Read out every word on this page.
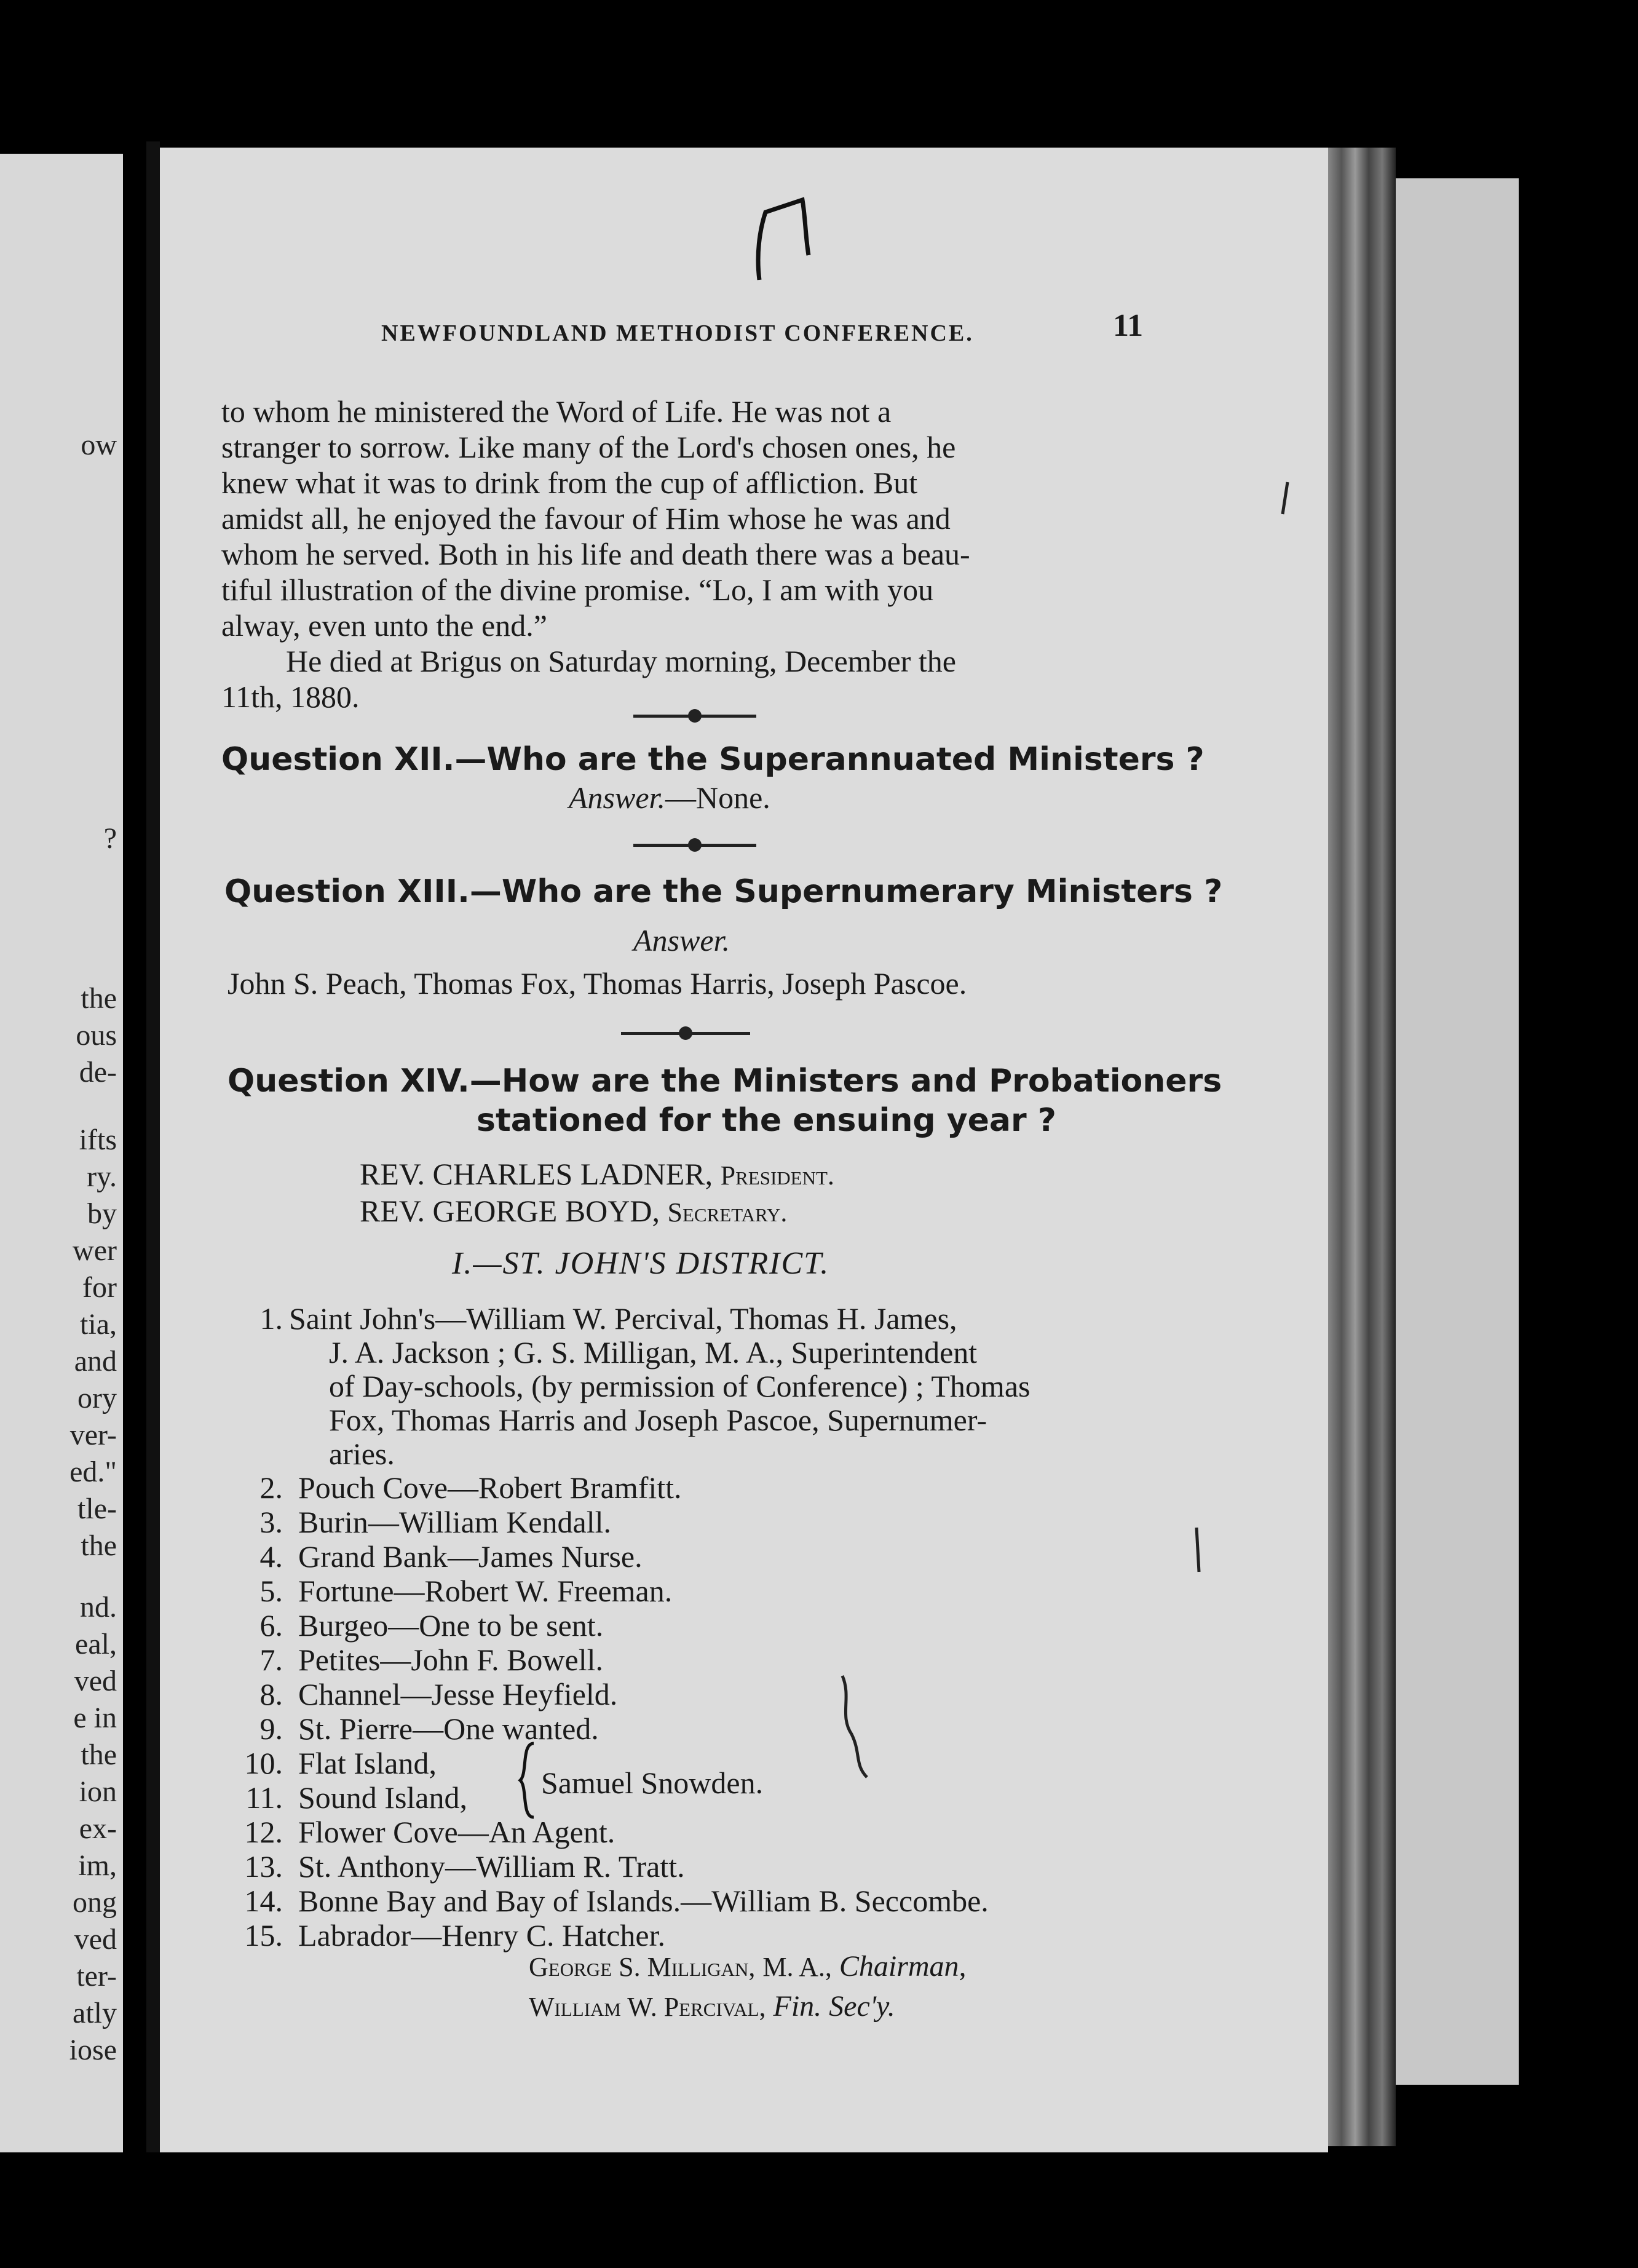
ow
?
the
ous
de-
ifts
ry.
by
wer
for
tia,
and
ory
ver-
ed."
tle-
the
nd.
eal,
ved
e in
the
ion
ex-
im,
ong
ved
ter-
atly
iose
NEWFOUNDLAND METHODIST CONFERENCE.	11
to whom he ministered the Word of Life. He was not a
stranger to sorrow. Like many of the Lord's chosen ones, he
knew what it was to drink from the cup of affliction. But
amidst all, he enjoyed the favour of Him whose he was and
whom he served. Both in his life and death there was a beau-
tiful illustration of the divine promise. “Lo, I am with you
alway, even unto the end.”
He died at Brigus on Saturday morning, December the
11th, 1880.
Question XII.—Who are the Superannuated Ministers ?
Answer.—None.
Question XIII.—Who are the Supernumerary Ministers ?
Answer.
John S. Peach, Thomas Fox, Thomas Harris, Joseph Pascoe.
Question XIV.—How are the Ministers and Probationers
stationed for the ensuing year ?
REV. CHARLES LADNER, President.
REV. GEORGE BOYD, Secretary.
I.—ST. JOHN'S DISTRICT.
1. Saint John's—William W. Percival, Thomas H. James,
J. A. Jackson ; G. S. Milligan, M. A., Superintendent
of Day-schools, (by permission of Conference) ; Thomas
Fox, Thomas Harris and Joseph Pascoe, Supernumer-
aries.
2. Pouch Cove—Robert Bramfitt.
3. Burin—William Kendall.
4. Grand Bank—James Nurse.
5. Fortune—Robert W. Freeman.
6. Burgeo—One to be sent.
7. Petites—John F. Bowell.
8. Channel—Jesse Heyfield.
9. St. Pierre—One wanted.
10. Flat Island,
11. Sound Island,
12. Flower Cove—An Agent.
13. St. Anthony—William R. Tratt.
14. Bonne Bay and Bay of Islands.—William B. Seccombe.
15. Labrador—Henry C. Hatcher.
Samuel Snowden.
George S. Milligan, M. A., Chairman,
William W. Percival, Fin. Sec'y.
